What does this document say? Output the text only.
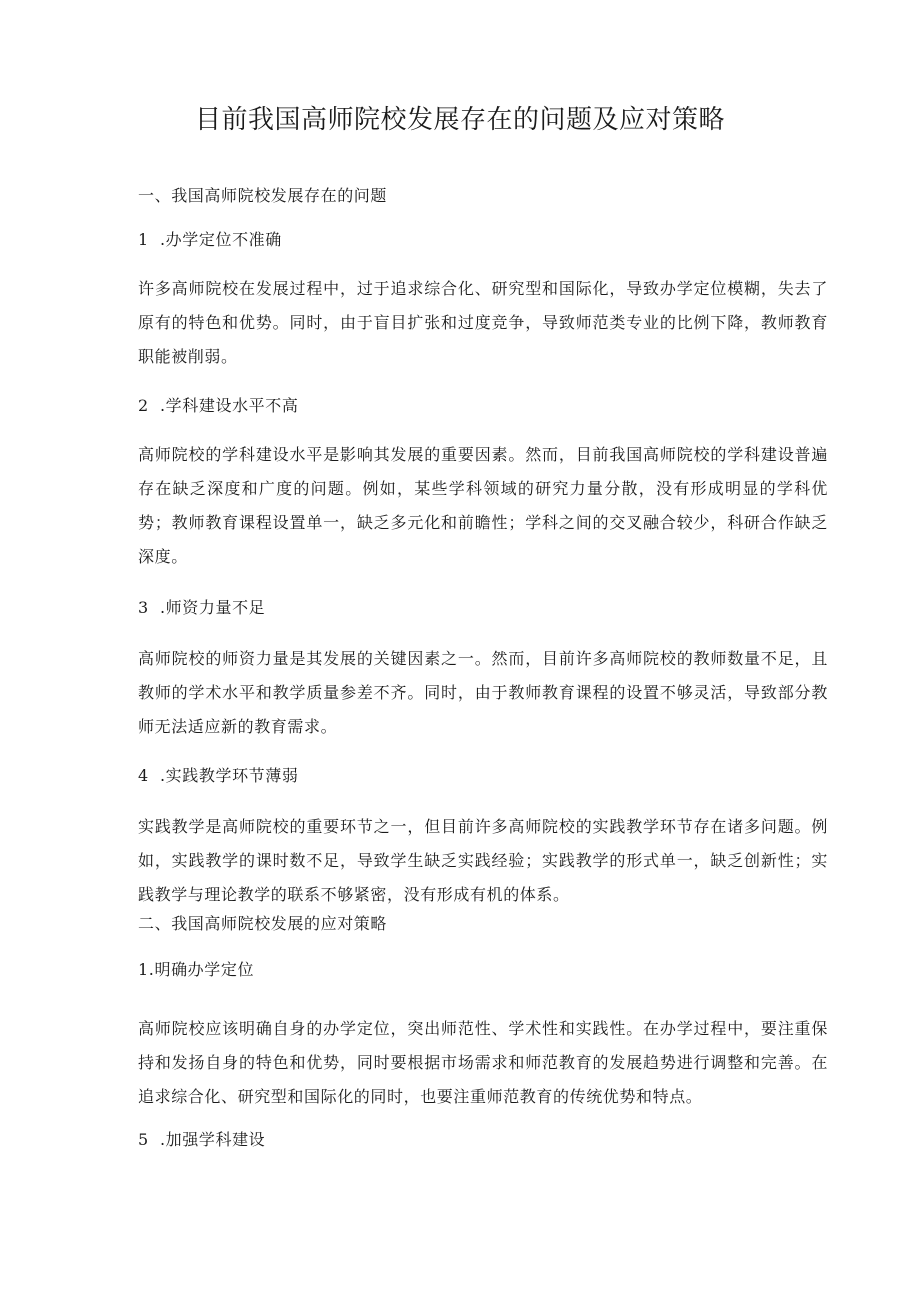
目前我国高师院校发展存在的问题及应对策略

一、我国高师院校发展存在的问题

1 .办学定位不准确

许多高师院校在发展过程中，过于追求综合化、研究型和国际化，导致办学定位模糊，失去了原有的特色和优势。同时，由于盲目扩张和过度竞争，导致师范类专业的比例下降，教师教育职能被削弱。

2 .学科建设水平不高

高师院校的学科建设水平是影响其发展的重要因素。然而，目前我国高师院校的学科建设普遍存在缺乏深度和广度的问题。例如，某些学科领域的研究力量分散，没有形成明显的学科优势；教师教育课程设置单一，缺乏多元化和前瞻性；学科之间的交叉融合较少，科研合作缺乏深度。

3 .师资力量不足

高师院校的师资力量是其发展的关键因素之一。然而，目前许多高师院校的教师数量不足，且教师的学术水平和教学质量参差不齐。同时，由于教师教育课程的设置不够灵活，导致部分教师无法适应新的教育需求。

4 .实践教学环节薄弱

实践教学是高师院校的重要环节之一，但目前许多高师院校的实践教学环节存在诸多问题。例如，实践教学的课时数不足，导致学生缺乏实践经验；实践教学的形式单一，缺乏创新性；实践教学与理论教学的联系不够紧密，没有形成有机的体系。

二、我国高师院校发展的应对策略

1.明确办学定位

高师院校应该明确自身的办学定位，突出师范性、学术性和实践性。在办学过程中，要注重保持和发扬自身的特色和优势，同时要根据市场需求和师范教育的发展趋势进行调整和完善。在追求综合化、研究型和国际化的同时，也要注重师范教育的传统优势和特点。

5 .加强学科建设
